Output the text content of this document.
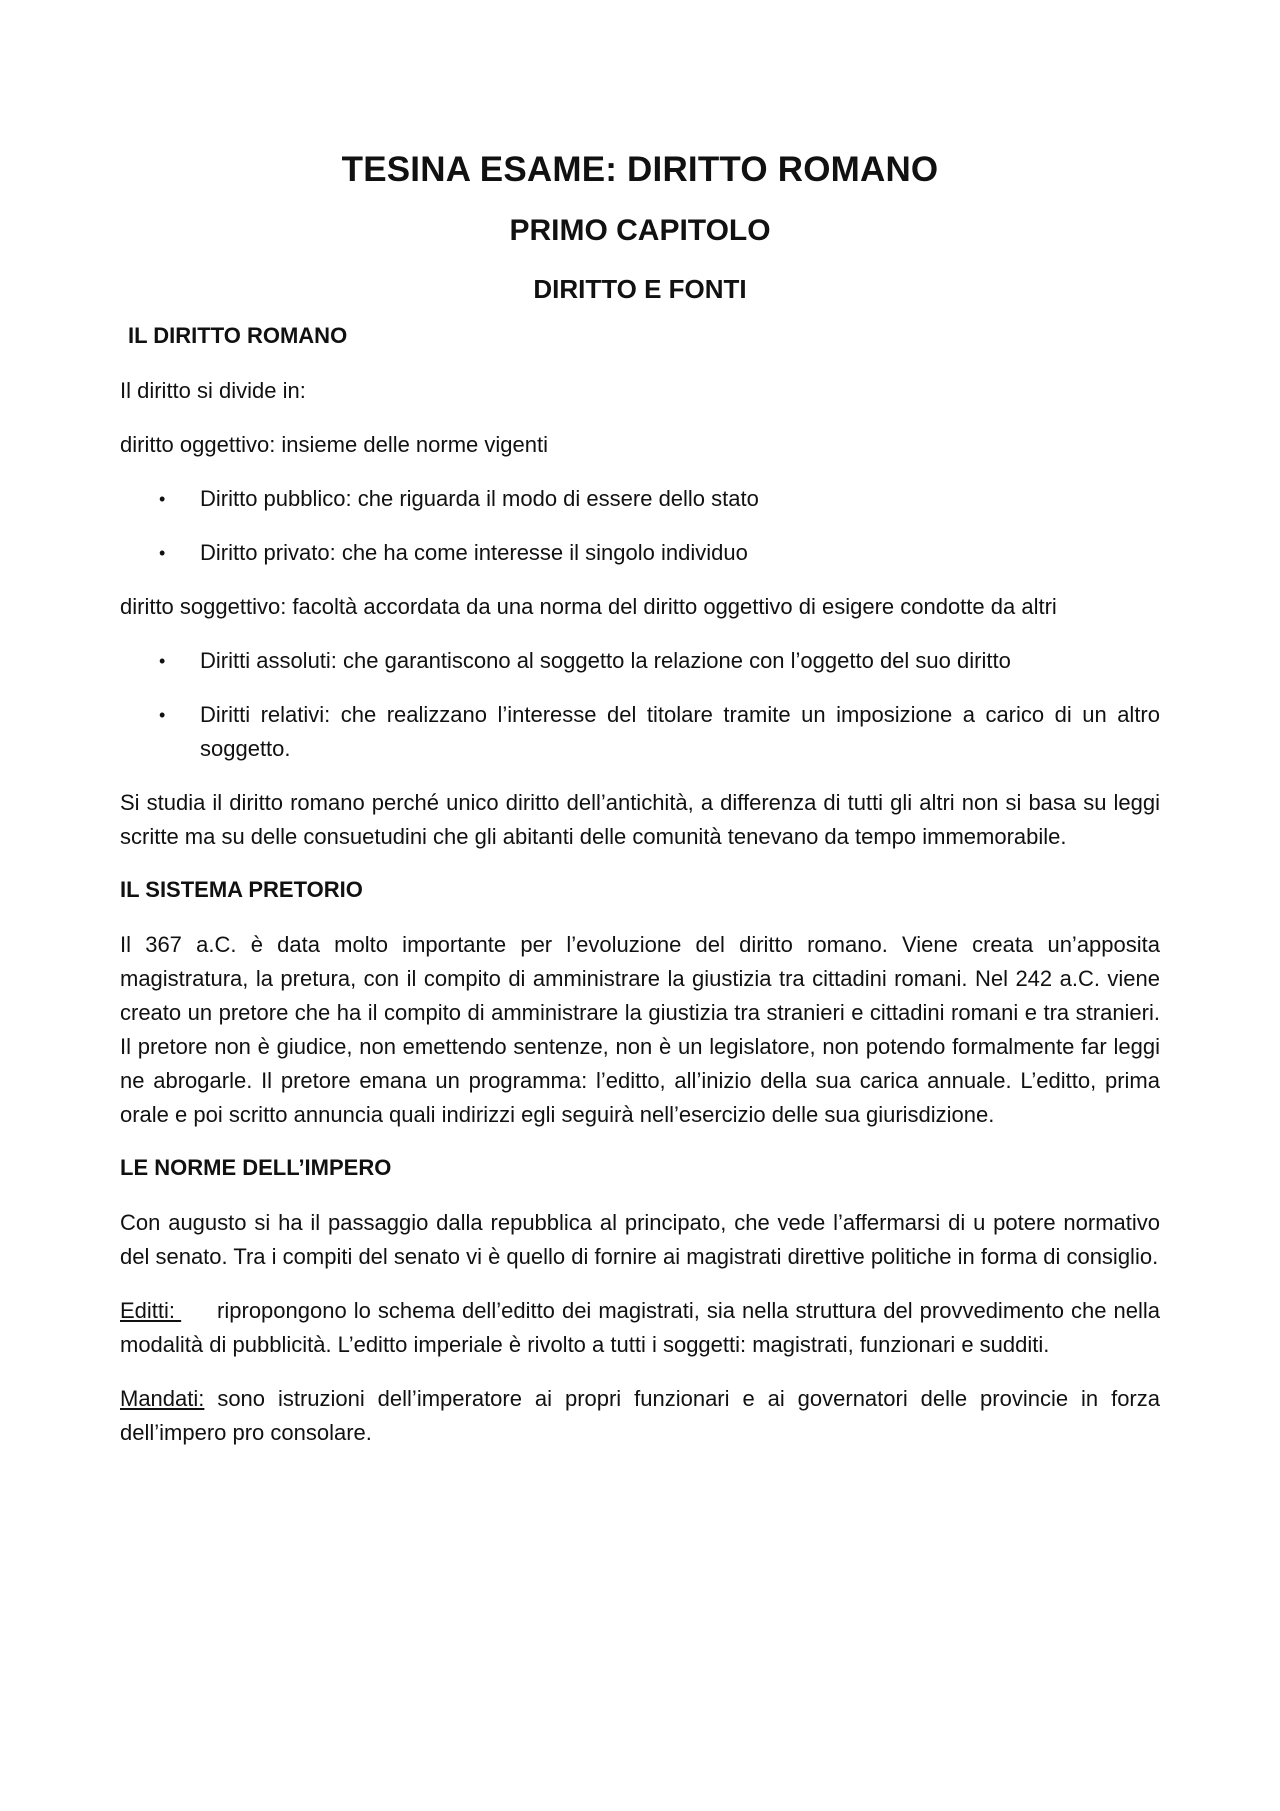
TESINA ESAME: DIRITTO ROMANO
PRIMO CAPITOLO
DIRITTO E FONTI
IL DIRITTO ROMANO

Il diritto si divide in:

diritto oggettivo: insieme delle norme vigenti

• Diritto pubblico: che riguarda il modo di essere dello stato
• Diritto privato: che ha come interesse il singolo individuo

diritto soggettivo: facoltà accordata da una norma del diritto oggettivo di esigere condotte da altri

• Diritti assoluti: che garantiscono al soggetto la relazione con l’oggetto del suo diritto
• Diritti relativi: che realizzano l’interesse del titolare tramite un imposizione a carico di un altro soggetto.

Si studia il diritto romano perché unico diritto dell’antichità, a differenza di tutti gli altri non si basa su leggi scritte ma su delle consuetudini che gli abitanti delle comunità tenevano da tempo immemorabile.

IL SISTEMA PRETORIO

Il 367 a.C. è data molto importante per l’evoluzione del diritto romano. Viene creata un’apposita magistratura, la pretura, con il compito di amministrare la giustizia tra cittadini romani. Nel 242 a.C. viene creato un pretore che ha il compito di amministrare la giustizia tra stranieri e cittadini romani e tra stranieri. Il pretore non è giudice, non emettendo sentenze, non è un legislatore, non potendo formalmente far leggi ne abrogarle. Il pretore emana un programma: l’editto, all’inizio della sua carica annuale. L’editto, prima orale e poi scritto annuncia quali indirizzi egli seguirà nell’esercizio delle sua giurisdizione.

LE NORME DELL’IMPERO

Con augusto si ha il passaggio dalla repubblica al principato, che vede l’affermarsi di u potere normativo del senato. Tra i compiti del senato vi è quello di fornire ai magistrati direttive politiche in forma di consiglio.

Editti:  ripropongono lo schema dell’editto dei magistrati, sia nella struttura del provvedimento che nella modalità di pubblicità. L’editto imperiale è rivolto a tutti i soggetti: magistrati, funzionari e sudditi.

Mandati: sono istruzioni dell’imperatore ai propri funzionari e ai governatori delle provincie in forza dell’impero pro consolare.
